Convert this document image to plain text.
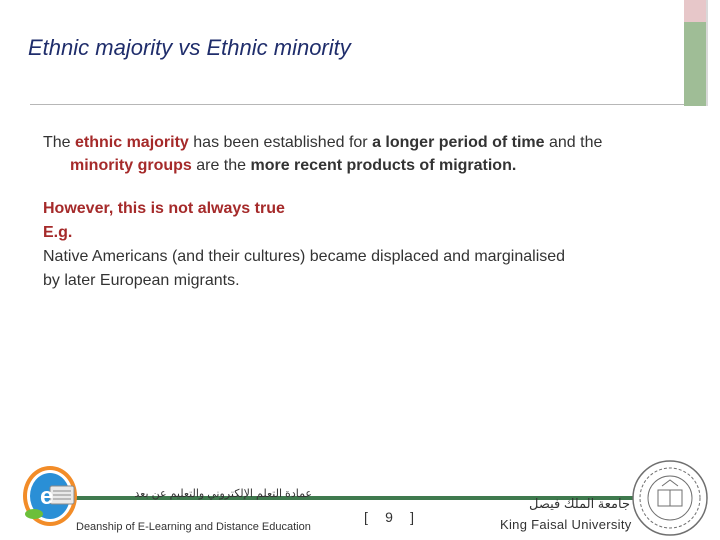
Ethnic majority vs Ethnic minority

The ethnic majority has been established for a longer period of time and the
minority groups are the more recent products of migration.

However, this is not always true
E.g.
Native Americans (and their cultures) became displaced and marginalised
by later European migrants.
e	عمادة التعلم الإلكتروني والتعليم عن بعد
Deanship of E-Learning and Distance Education
[ 9 ]
جامعة الملك فيصل
King Faisal University
